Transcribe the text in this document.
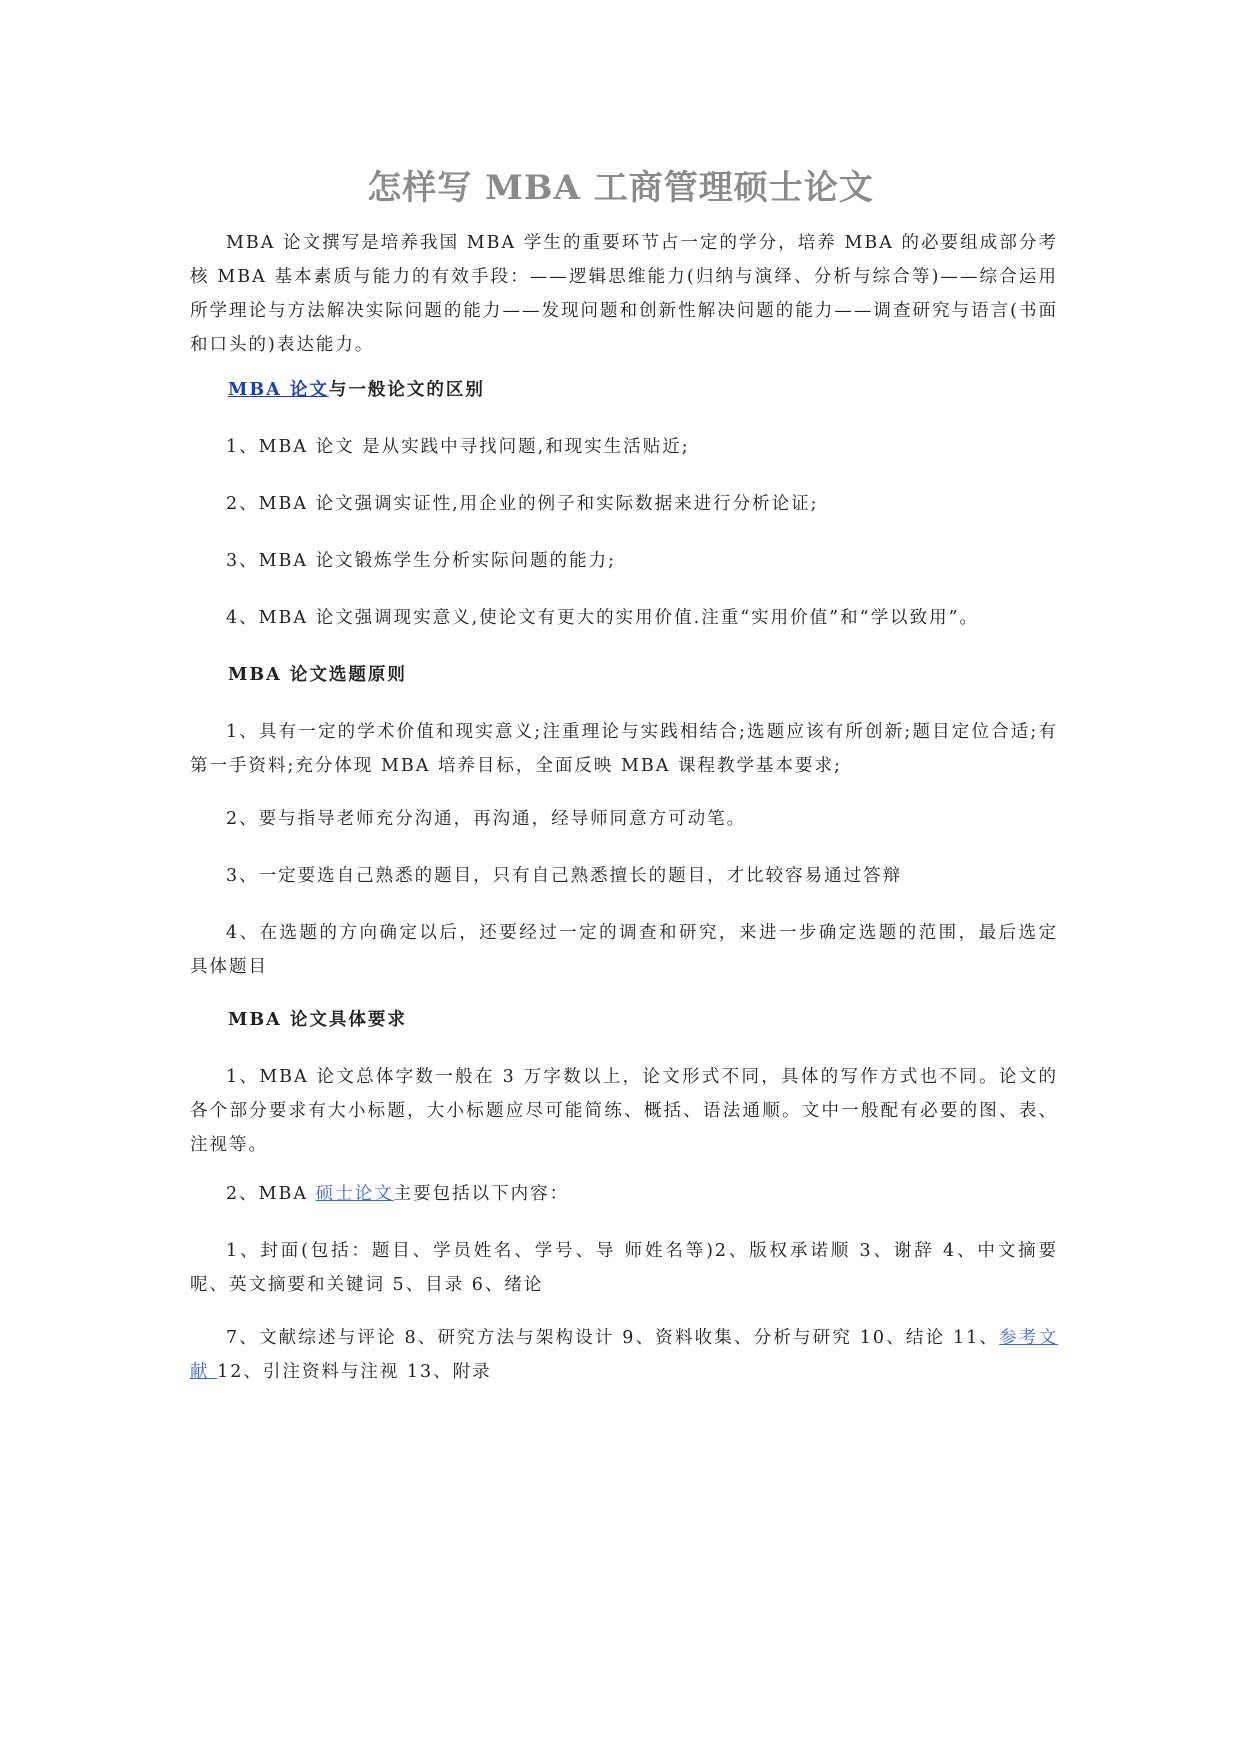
怎样写 MBA 工商管理硕士论文
MBA 论文撰写是培养我国 MBA 学生的重要环节占一定的学分，培养 MBA 的必要组成部分考核 MBA 基本素质与能力的有效手段：——逻辑思维能力(归纳与演绎、分析与综合等)——综合运用所学理论与方法解决实际问题的能力——发现问题和创新性解决问题的能力——调查研究与语言(书面和口头的)表达能力。
MBA 论文与一般论文的区别
1、MBA 论文 是从实践中寻找问题,和现实生活贴近;
2、MBA 论文强调实证性,用企业的例子和实际数据来进行分析论证;
3、MBA 论文锻炼学生分析实际问题的能力;
4、MBA 论文强调现实意义,使论文有更大的实用价值.注重“实用价值”和“学以致用”。
MBA 论文选题原则
1、具有一定的学术价值和现实意义;注重理论与实践相结合;选题应该有所创新;题目定位合适;有第一手资料;充分体现 MBA 培养目标，全面反映 MBA 课程教学基本要求;
2、要与指导老师充分沟通，再沟通，经导师同意方可动笔。
3、一定要选自己熟悉的题目，只有自己熟悉擅长的题目，才比较容易通过答辩
4、在选题的方向确定以后，还要经过一定的调查和研究，来进一步确定选题的范围，最后选定具体题目
MBA 论文具体要求
1、MBA 论文总体字数一般在 3 万字数以上，论文形式不同，具体的写作方式也不同。论文的各个部分要求有大小标题，大小标题应尽可能简练、概括、语法通顺。文中一般配有必要的图、表、注视等。
2、MBA 硕士论文主要包括以下内容：
1、封面(包括：题目、学员姓名、学号、导 师姓名等)2、版权承诺顺 3、谢辞 4、中文摘要呢、英文摘要和关键词 5、目录 6、绪论
7、文献综述与评论 8、研究方法与架构设计 9、资料收集、分析与研究 10、结论 11、参考文献 12、引注资料与注视 13、附录
